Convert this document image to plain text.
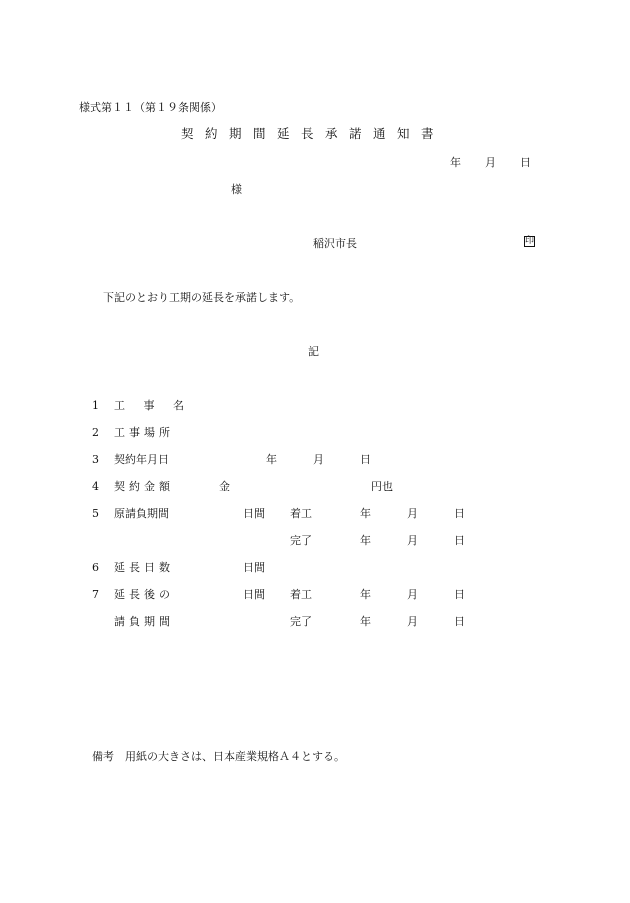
様式第１１（第１９条関係）
契約期間延長承諾通知書
年 月 日
様
稲沢市長	印
下記のとおり工期の延長を承諾します。
記
1 工 事 名
2 工事場所
3 契約年月日	年	月	日
4 契約金額	金	円也
5 原請負期間	日間 着工	年	月	日
完了	年	月	日
6 延長日数	日間
7 延長後の	日間 着工	年	月	日
請負期間	完了	年	月	日
備考　用紙の大きさは、日本産業規格Ａ４とする。
